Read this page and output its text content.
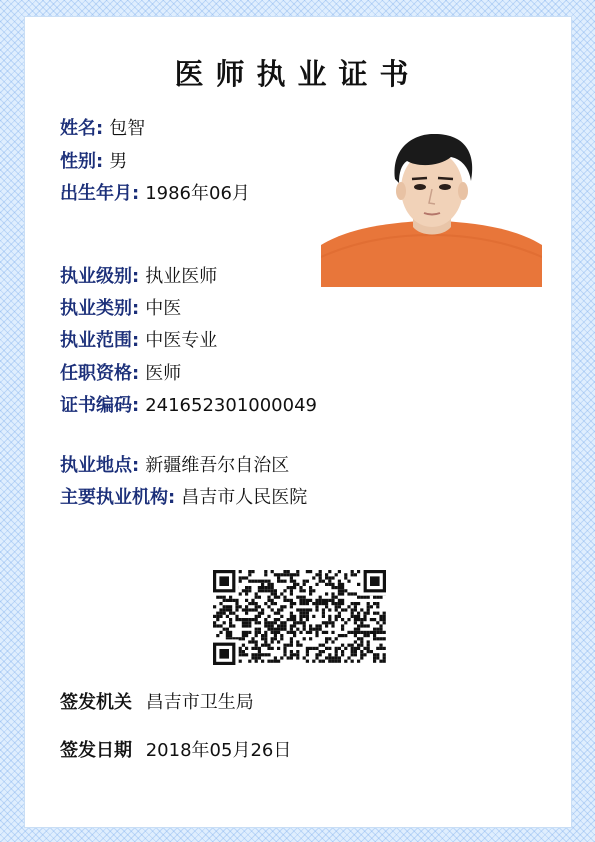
医师执业证书
姓名: 包智
性别: 男
出生年月: 1986年06月
执业级别: 执业医师
执业类别: 中医
执业范围: 中医专业
任职资格: 医师
证书编码: 241652301000049
执业地点: 新疆维吾尔自治区
主要执业机构: 昌吉市人民医院
签发机关 昌吉市卫生局
签发日期 2018年05月26日
